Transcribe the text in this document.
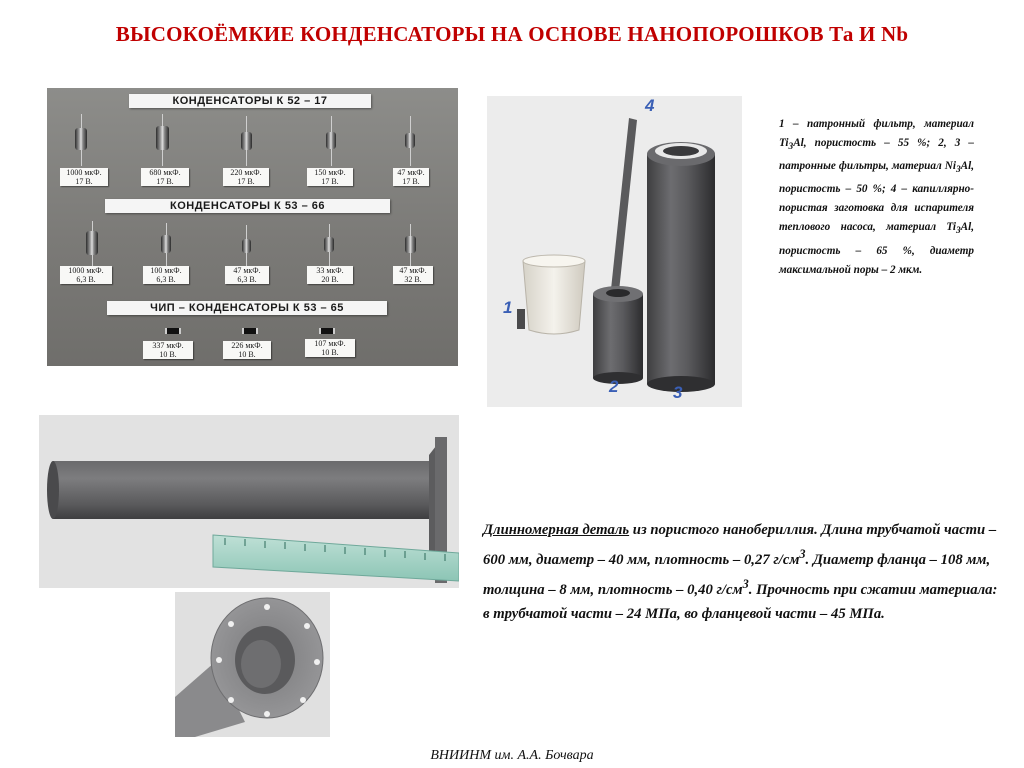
ВЫСОКОЁМКИЕ КОНДЕНСАТОРЫ НА ОСНОВЕ НАНОПОРОШКОВ Та И Nb
КОНДЕНСАТОРЫ К 52 – 17
КОНДЕНСАТОРЫ К 53 – 66
ЧИП – КОНДЕНСАТОРЫ К 53 – 65
1000 мкФ.
17 В.
680 мкФ.
17 В.
220 мкФ.
17 В.
150 мкФ.
17 В.
47 мкФ.
17 В.
1000 мкФ.
6,3 В.
100 мкФ.
6,3 В.
47 мкФ.
6,3 В.
33 мкФ.
20 В.
47 мкФ.
32 В.
337 мкФ.
10 В.
226 мкФ.
10 В.
107 мкФ.
10 В.
4
1
2	3
1 – патронный фильтр, материал $Ti_3Al$, пористость – 55 %; 2, 3 – патронные фильтры, материал $Ni_3Al$, пористость – 50 %; 4 – капиллярно-пористая заготовка для испарителя теплового насоса, материал $Ti_3Al$, пористость – 65 %, диаметр максимальной поры – 2 мкм.
Длинномерная деталь из пористого нанобериллия. Длина трубчатой части – 600 мм, диаметр – 40 мм, плотность – 0,27 $г/см^3$. Диаметр фланца – 108 мм, толщина – 8 мм, плотность – 0,40 $г/см^3$. Прочность при сжатии материала: в трубчатой части – 24 МПа, во фланцевой части – 45 МПа.
ВНИИНМ им. А.А. Бочвара
